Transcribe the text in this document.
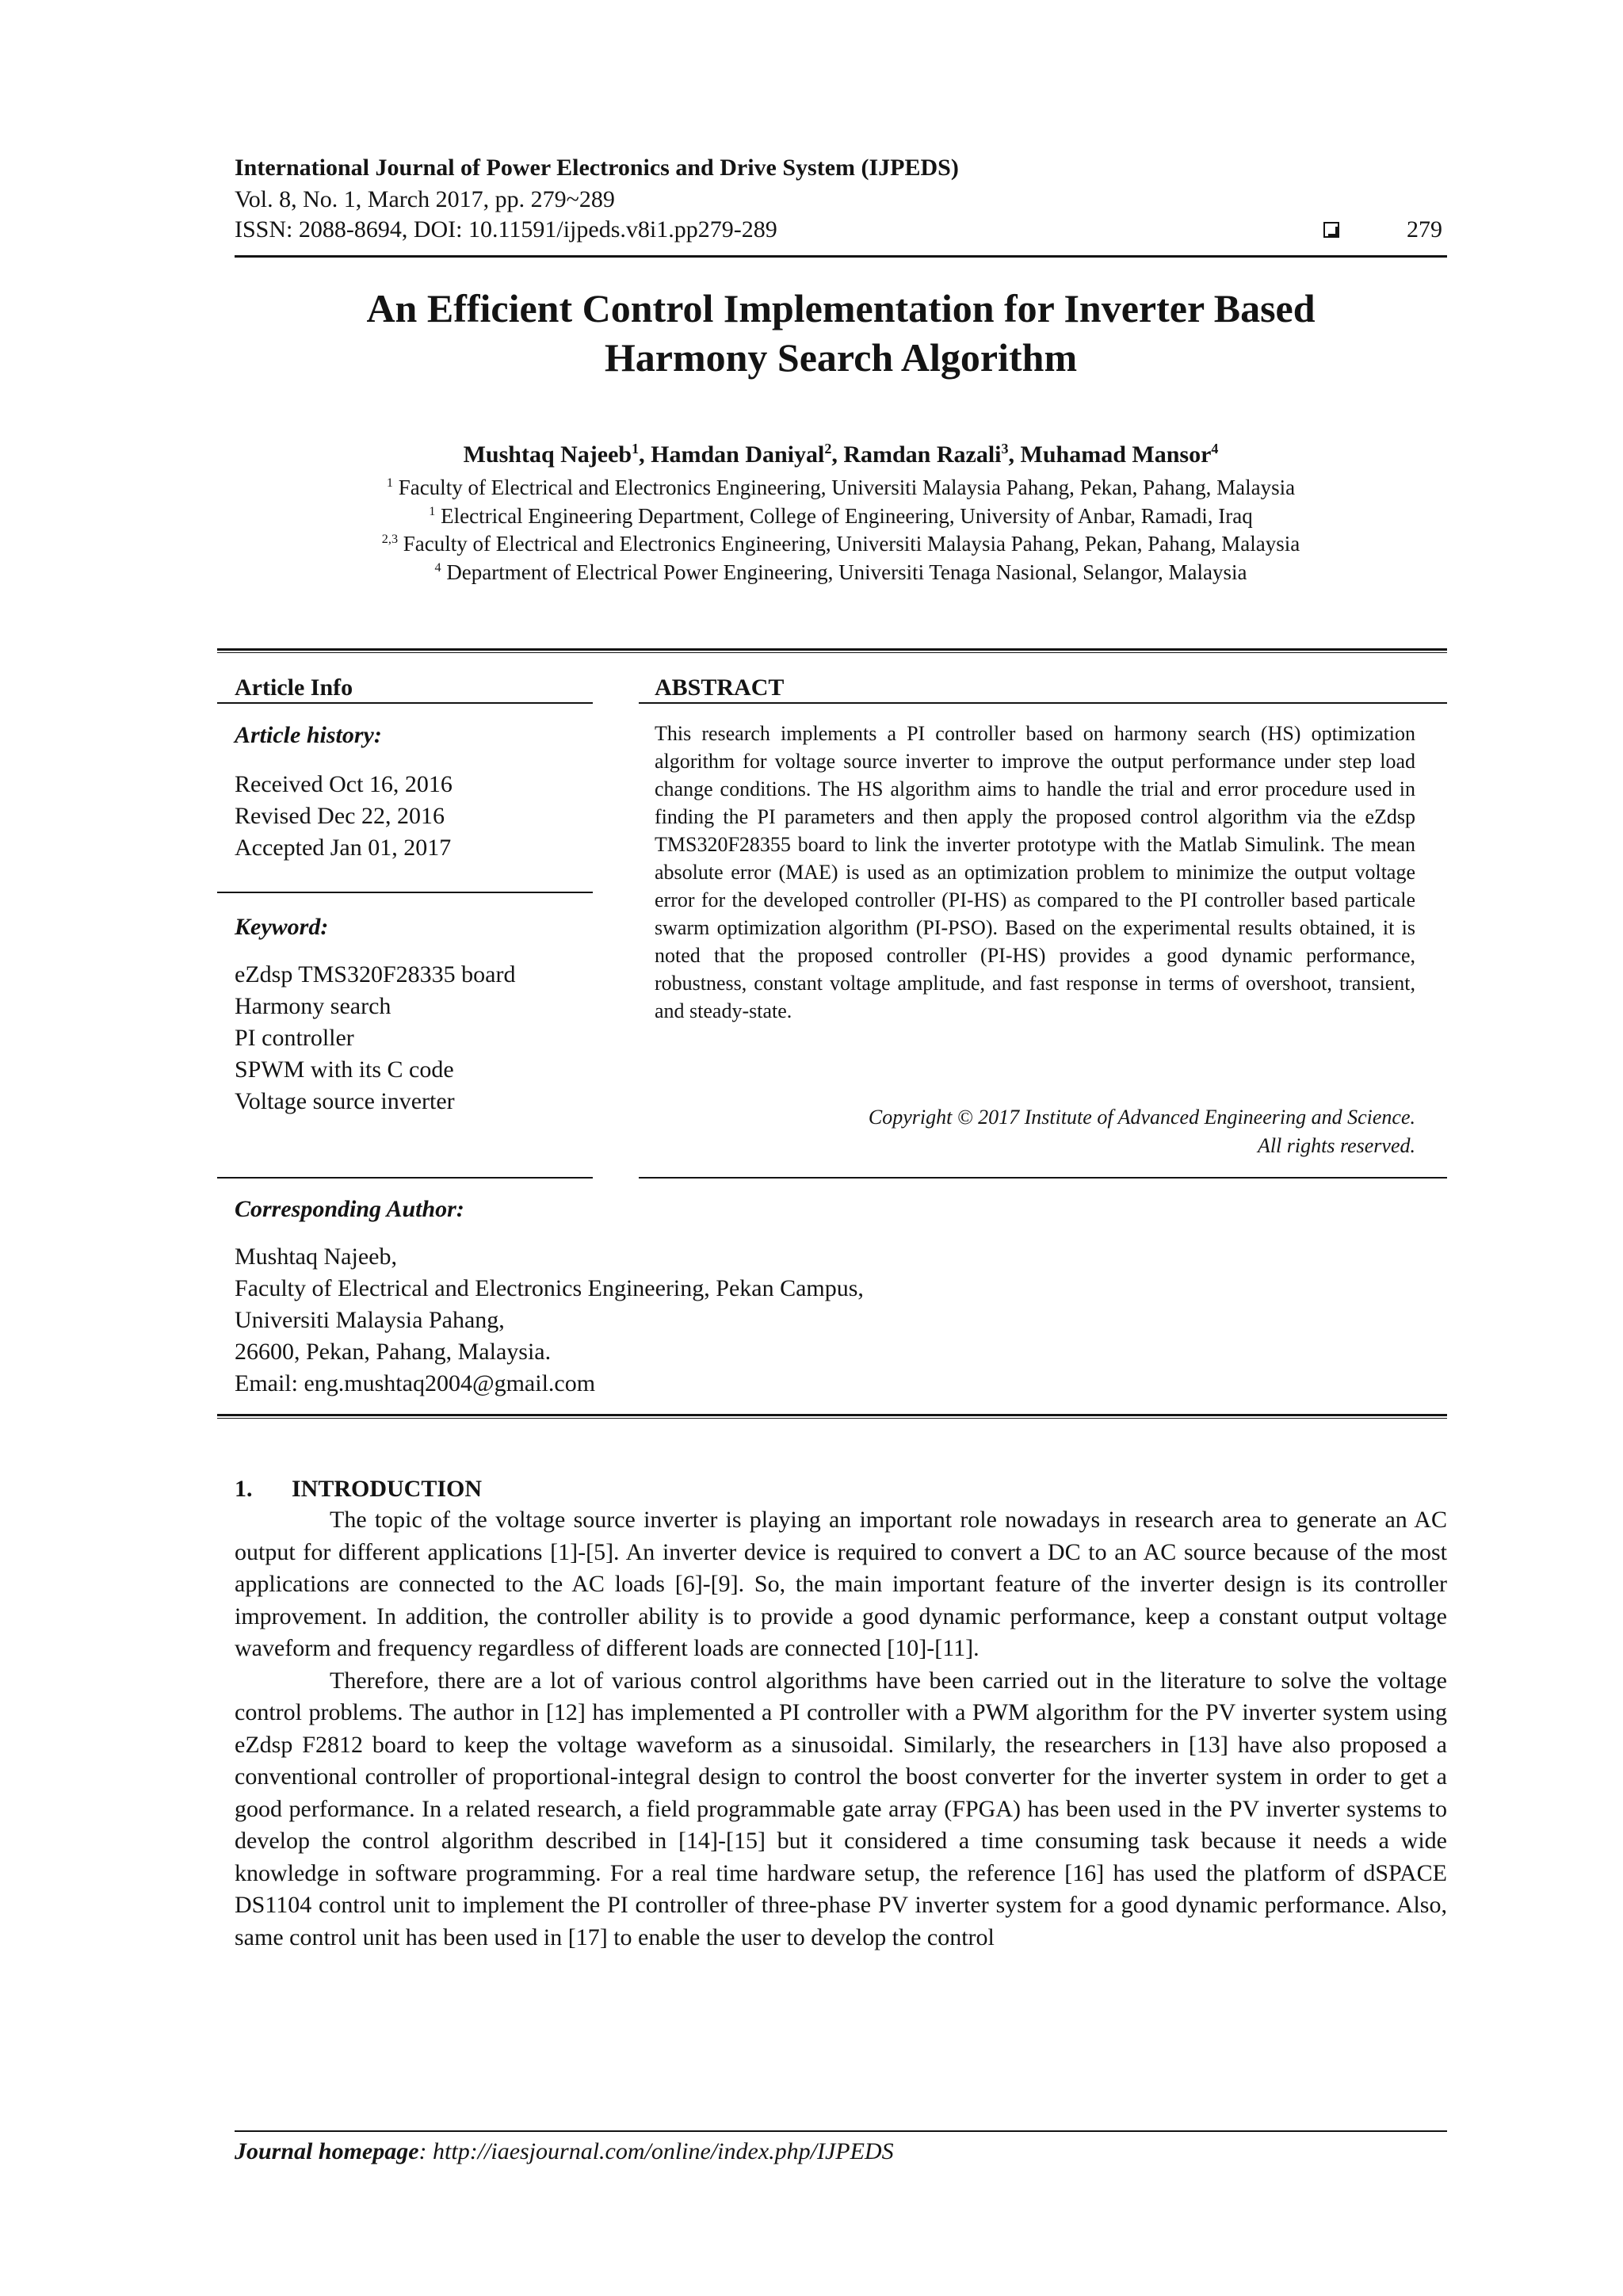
International Journal of Power Electronics and Drive System (IJPEDS)
Vol. 8, No. 1, March 2017, pp. 279~289
ISSN: 2088-8694, DOI: 10.11591/ijpeds.v8i1.pp279-289	279
An Efficient Control Implementation for Inverter Based
Harmony Search Algorithm
Mushtaq Najeeb$^1$, Hamdan Daniyal$^2$, Ramdan Razali$^3$, Muhamad Mansor$^4$
$^1$ Faculty of Electrical and Electronics Engineering, Universiti Malaysia Pahang, Pekan, Pahang, Malaysia
$^1$ Electrical Engineering Department, College of Engineering, University of Anbar, Ramadi, Iraq
$^{2,3}$ Faculty of Electrical and Electronics Engineering, Universiti Malaysia Pahang, Pekan, Pahang, Malaysia
$^4$ Department of Electrical Power Engineering, Universiti Tenaga Nasional, Selangor, Malaysia
Article Info	ABSTRACT
Article history:
Received Oct 16, 2016
Revised Dec 22, 2016
Accepted Jan 01, 2017
Keyword:
eZdsp TMS320F28335 board
Harmony search
PI controller
SPWM with its C code
Voltage source inverter
This research implements a PI controller based on harmony search (HS) optimization algorithm for voltage source inverter to improve the output performance under step load change conditions. The HS algorithm aims to handle the trial and error procedure used in finding the PI parameters and then apply the proposed control algorithm via the eZdsp TMS320F28355 board to link the inverter prototype with the Matlab Simulink. The mean absolute error (MAE) is used as an optimization problem to minimize the output voltage error for the developed controller (PI-HS) as compared to the PI controller based particale swarm optimization algorithm (PI-PSO). Based on the experimental results obtained, it is noted that the proposed controller (PI-HS) provides a good dynamic performance, robustness, constant voltage amplitude, and fast response in terms of overshoot, transient, and steady-state.
Copyright © 2017 Institute of Advanced Engineering and Science.
All rights reserved.
Corresponding Author:
Mushtaq Najeeb,
Faculty of Electrical and Electronics Engineering, Pekan Campus,
Universiti Malaysia Pahang,
26600, Pekan, Pahang, Malaysia.
Email: eng.mushtaq2004@gmail.com
1. INTRODUCTION

The topic of the voltage source inverter is playing an important role nowadays in research area to generate an AC output for different applications [1]-[5]. An inverter device is required to convert a DC to an AC source because of the most applications are connected to the AC loads [6]-[9]. So, the main important feature of the inverter design is its controller improvement. In addition, the controller ability is to provide a good dynamic performance, keep a constant output voltage waveform and frequency regardless of different loads are connected [10]-[11].

Therefore, there are a lot of various control algorithms have been carried out in the literature to solve the voltage control problems. The author in [12] has implemented a PI controller with a PWM algorithm for the PV inverter system using eZdsp F2812 board to keep the voltage waveform as a sinusoidal. Similarly, the researchers in [13] have also proposed a conventional controller of proportional-integral design to control the boost converter for the inverter system in order to get a good performance. In a related research, a field programmable gate array (FPGA) has been used in the PV inverter systems to develop the control algorithm described in [14]-[15] but it considered a time consuming task because it needs a wide knowledge in software programming. For a real time hardware setup, the reference [16] has used the platform of dSPACE DS1104 control unit to implement the PI controller of three-phase PV inverter system for a good dynamic performance. Also, same control unit has been used in [17] to enable the user to develop the control

Journal homepage: http://iaesjournal.com/online/index.php/IJPEDS
